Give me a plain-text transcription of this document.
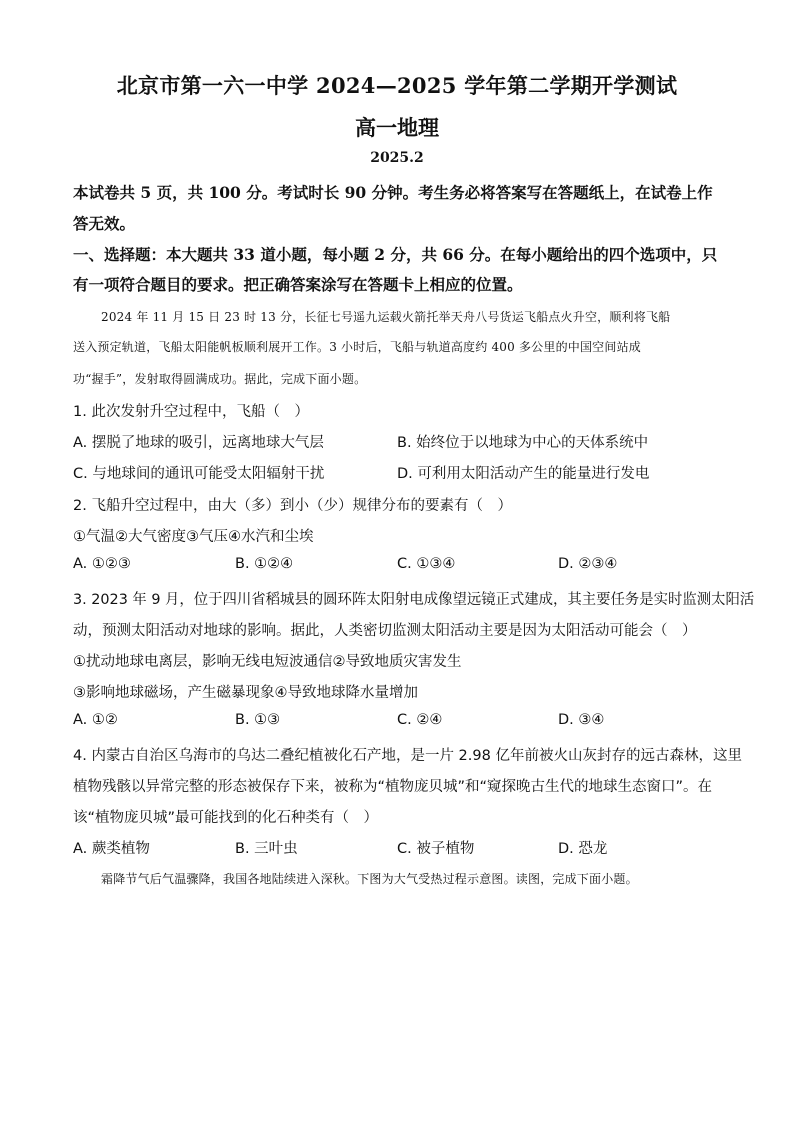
北京市第一六一中学 2024—2025 学年第二学期开学测试
高一地理
2025.2
本试卷共 5 页，共 100 分。考试时长 90 分钟。考生务必将答案写在答题纸上，在试卷上作
答无效。
一、选择题：本大题共 33 道小题，每小题 2 分，共 66 分。在每小题给出的四个选项中，只
有一项符合题目的要求。把正确答案涂写在答题卡上相应的位置。
2024 年 11 月 15 日 23 时 13 分，长征七号遥九运载火箭托举天舟八号货运飞船点火升空，顺利将飞船
送入预定轨道，飞船太阳能帆板顺利展开工作。3 小时后，飞船与轨道高度约 400 多公里的中国空间站成
功“握手”，发射取得圆满成功。据此，完成下面小题。
1. 此次发射升空过程中，飞船（　）
A. 摆脱了地球的吸引，远离地球大气层	B. 始终位于以地球为中心的天体系统中
C. 与地球间的通讯可能受太阳辐射干扰	D. 可利用太阳活动产生的能量进行发电
2. 飞船升空过程中，由大（多）到小（少）规律分布的要素有（　）
①气温②大气密度③气压④水汽和尘埃
A. ①②③	B. ①②④	C. ①③④	D. ②③④
3. 2023 年 9 月，位于四川省稻城县的圆环阵太阳射电成像望远镜正式建成，其主要任务是实时监测太阳活
动，预测太阳活动对地球的影响。据此，人类密切监测太阳活动主要是因为太阳活动可能会（　）
①扰动地球电离层，影响无线电短波通信②导致地质灾害发生
③影响地球磁场，产生磁暴现象④导致地球降水量增加
A. ①②	B. ①③	C. ②④	D. ③④
4. 内蒙古自治区乌海市的乌达二叠纪植被化石产地，是一片 2.98 亿年前被火山灰封存的远古森林，这里
植物残骸以异常完整的形态被保存下来，被称为“植物庞贝城”和“窥探晚古生代的地球生态窗口”。在
该“植物庞贝城”最可能找到的化石种类有（　）
A. 蕨类植物	B. 三叶虫	C. 被子植物	D. 恐龙
霜降节气后气温骤降，我国各地陆续进入深秋。下图为大气受热过程示意图。读图，完成下面小题。
